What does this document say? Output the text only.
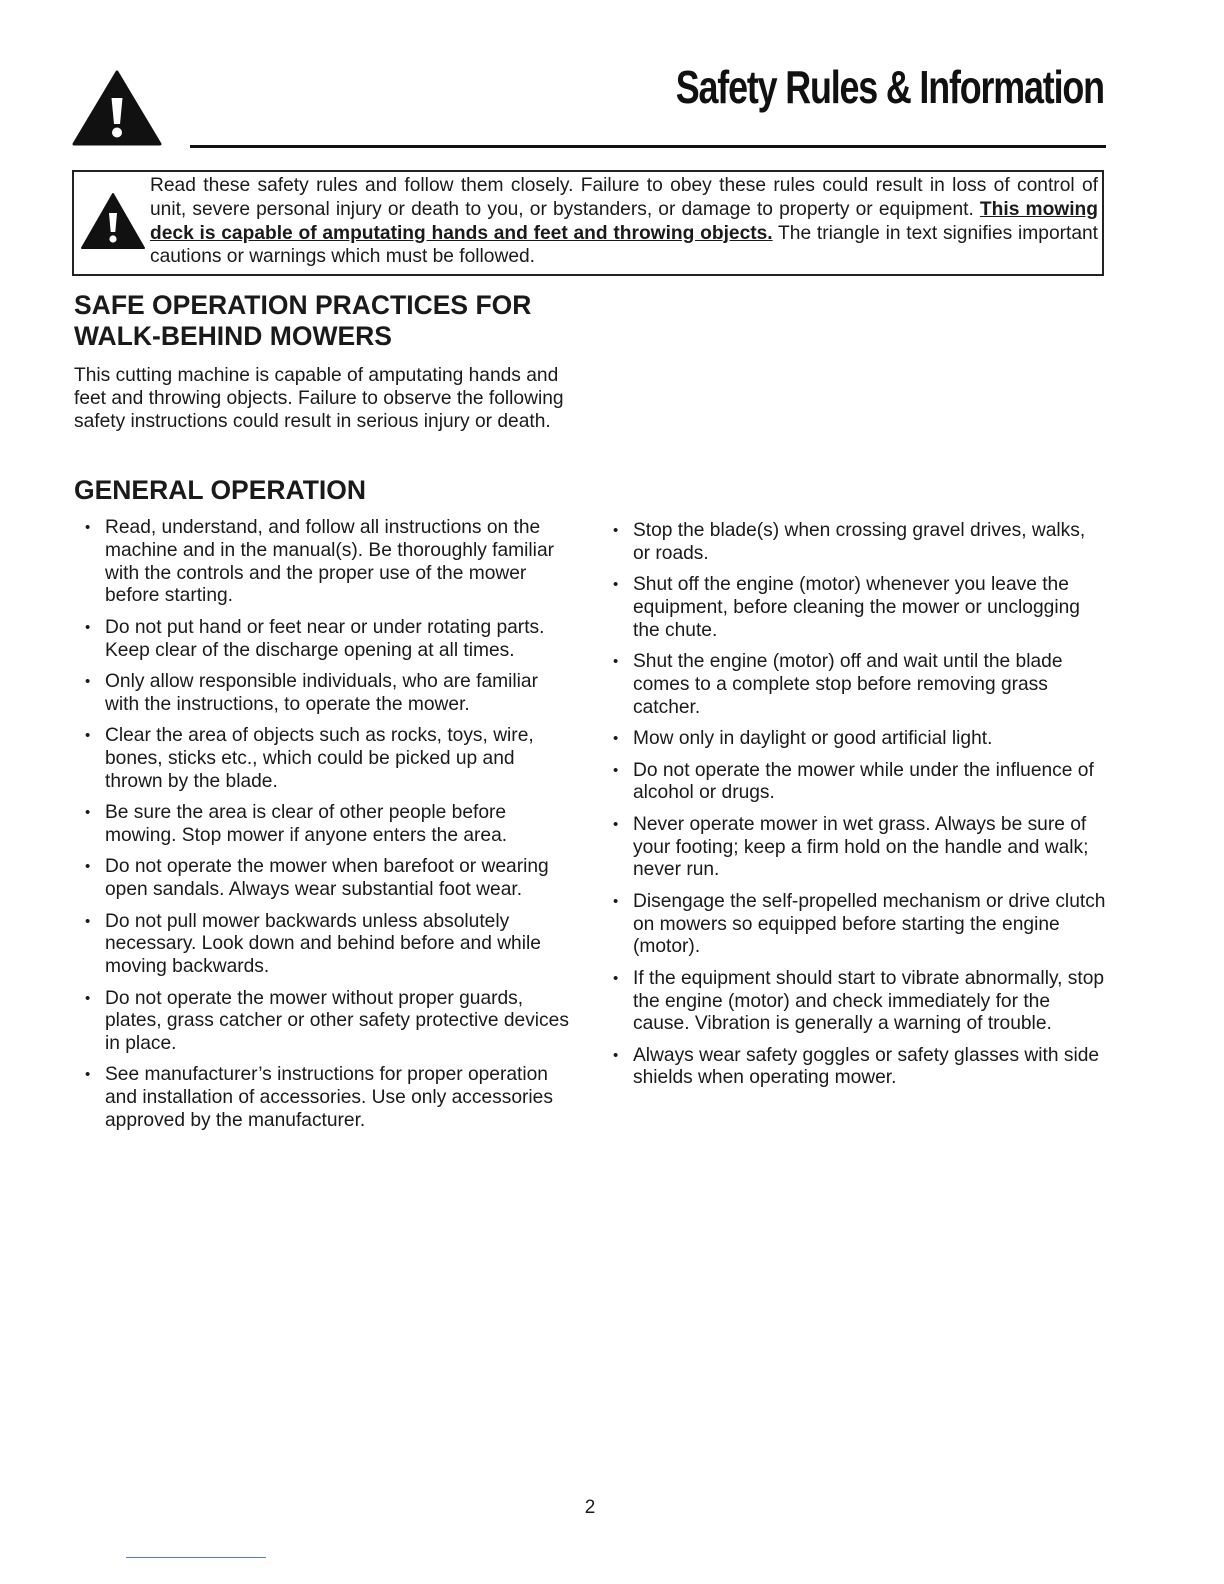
Safety Rules & Information

Read these safety rules and follow them closely. Failure to obey these rules could result in loss of control of unit, severe personal injury or death to you, or bystanders, or damage to property or equipment. This mowing deck is capable of amputating hands and feet and throwing objects. The triangle in text signifies important cautions or warnings which must be followed.

SAFE OPERATION PRACTICES FOR
WALK-BEHIND MOWERS

This cutting machine is capable of amputating hands and feet and throwing objects. Failure to observe the following safety instructions could result in serious injury or death.

GENERAL OPERATION
• Read, understand, and follow all instructions on the machine and in the manual(s). Be thoroughly familiar with the controls and the proper use of the mower before starting.
• Do not put hand or feet near or under rotating parts. Keep clear of the discharge opening at all times.
• Only allow responsible individuals, who are familiar with the instructions, to operate the mower.
• Clear the area of objects such as rocks, toys, wire, bones, sticks etc., which could be picked up and thrown by the blade.
• Be sure the area is clear of other people before mowing. Stop mower if anyone enters the area.
• Do not operate the mower when barefoot or wearing open sandals. Always wear substantial foot wear.
• Do not pull mower backwards unless absolutely necessary. Look down and behind before and while moving backwards.
• Do not operate the mower without proper guards, plates, grass catcher or other safety protective devices in place.
• See manufacturer’s instructions for proper operation and installation of accessories. Use only accessories approved by the manufacturer.
• Stop the blade(s) when crossing gravel drives, walks, or roads.
• Shut off the engine (motor) whenever you leave the equipment, before cleaning the mower or unclogging the chute.
• Shut the engine (motor) off and wait until the blade comes to a complete stop before removing grass catcher.
• Mow only in daylight or good artificial light.
• Do not operate the mower while under the influence of alcohol or drugs.
• Never operate mower in wet grass. Always be sure of your footing; keep a firm hold on the handle and walk; never run.
• Disengage the self-propelled mechanism or drive clutch on mowers so equipped before starting the engine (motor).
• If the equipment should start to vibrate abnormally, stop the engine (motor) and check immediately for the cause. Vibration is generally a warning of trouble.
• Always wear safety goggles or safety glasses with side shields when operating mower.
2
